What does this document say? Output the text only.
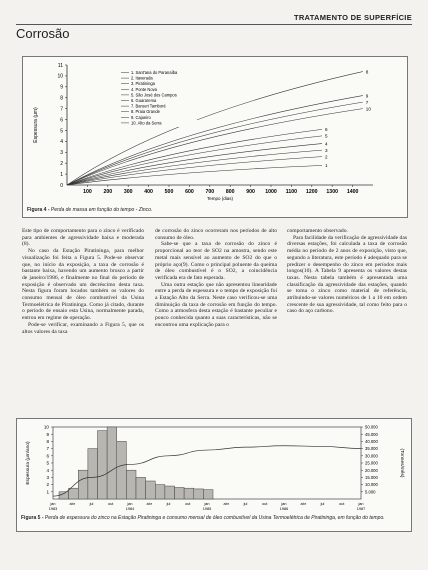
TRATAMENTO DE SUPERFÍCIE
Corrosão
100 200 300 400 500 600 700 800 900 1000 1100 1200 1300 1400
1
2
3
4
5
6
7
8
9
10
11
0
Tempo (dias)
Espessura (µm)
1
2
3
4
5
6
7
8
9
10
1. Sant'ana do Paranaíba
2. Itaverada
3. Piratininga
4. Ponte Nova
5. São José dos Campos
6. Guararema
7. Barueri Tamboré
8. Praia Grande
9. Cajueiro
10. Alto da Serra
Figura 4 - Perda de massa em função do tempo - Zinco.

Este tipo de comportamento para o zinco é verificado para ambientes de agressividade baixa e moderada (8).

No caso da Estação Piratininga, para melhor visualização foi feita a Figura 5. Pode-se observar que, no início da exposição, a taxa de corrosão é bastante baixa, havendo um aumento brusco a partir de janeiro/1986, e finalmente no final do período de exposição é observado um decréscimo desta taxa. Nesta figura foram locados também os valores do consumo mensal de óleo combustível da Usina Termoelétrica de Piratininga. Como já citado, durante o período de ensaio esta Usina, normalmente parada, entrou em regime de operação.

Pode-se verificar, examinando a Figura 5, que os altos valores da taxa

de corrosão do zinco ocorreram nos períodos de alto consumo de óleo.

Sabe-se que a taxa de corrosão do zinco é proporcional ao teor de SO2 na amostra, sendo este metal mais sensível ao aumento de SO2 do que o próprio aço(9). Como o principal poluente da queima de óleo combustível é o SO2, a coincidência verificada era de fato esperada.

Uma outra estação que não apresentou linearidade entre a perda de espessura e o tempo de exposição foi a Estação Alto da Serra. Neste caso verificou-se uma diminuição da taxa de corrosão em função do tempo. Como a atmosfera desta estação é bastante peculiar e pouco conhecida quanto a suas características, não se encontrou uma explicação para o

comportamento observado.

Para facilidade da verificação de agressividade das diversas estações, foi calculada a taxa de corrosão média no período de 2 anos de exposição, visto que, segundo a literatura, este período é adequado para se predizer o desempenho do zinco em períodos mais longos(10). A Tabela 9 apresenta os valores destas taxas. Nesta tabela também é apresentada uma classificação da agressividade das estações, quando se toma o zinco como material de referência, atribuindo-se valores numéricos de 1 a 10 em ordem crescente de sua agressividade, tal como feito para o caso do aço carbono.

1
2
3
4
5
6
7
8
9
10
5.000
10.000
15.000
20.000
25.000
30.000
35.000
40.000
45.000
50.000
jan	abr	jul	out	jan	abr	jul	out	jan	abr	jul	out	jan	abr	jul	out	jan
1983	1984	1985	1986	1987
Espessura (µm/ano)	(Tonnes/mês)
Figura 5 - Perda de espessura do zinco na Estação Piratininga e consumo mensal de óleo combustível da Usina Termoelétrica de Piratininga, em função do tempo.
